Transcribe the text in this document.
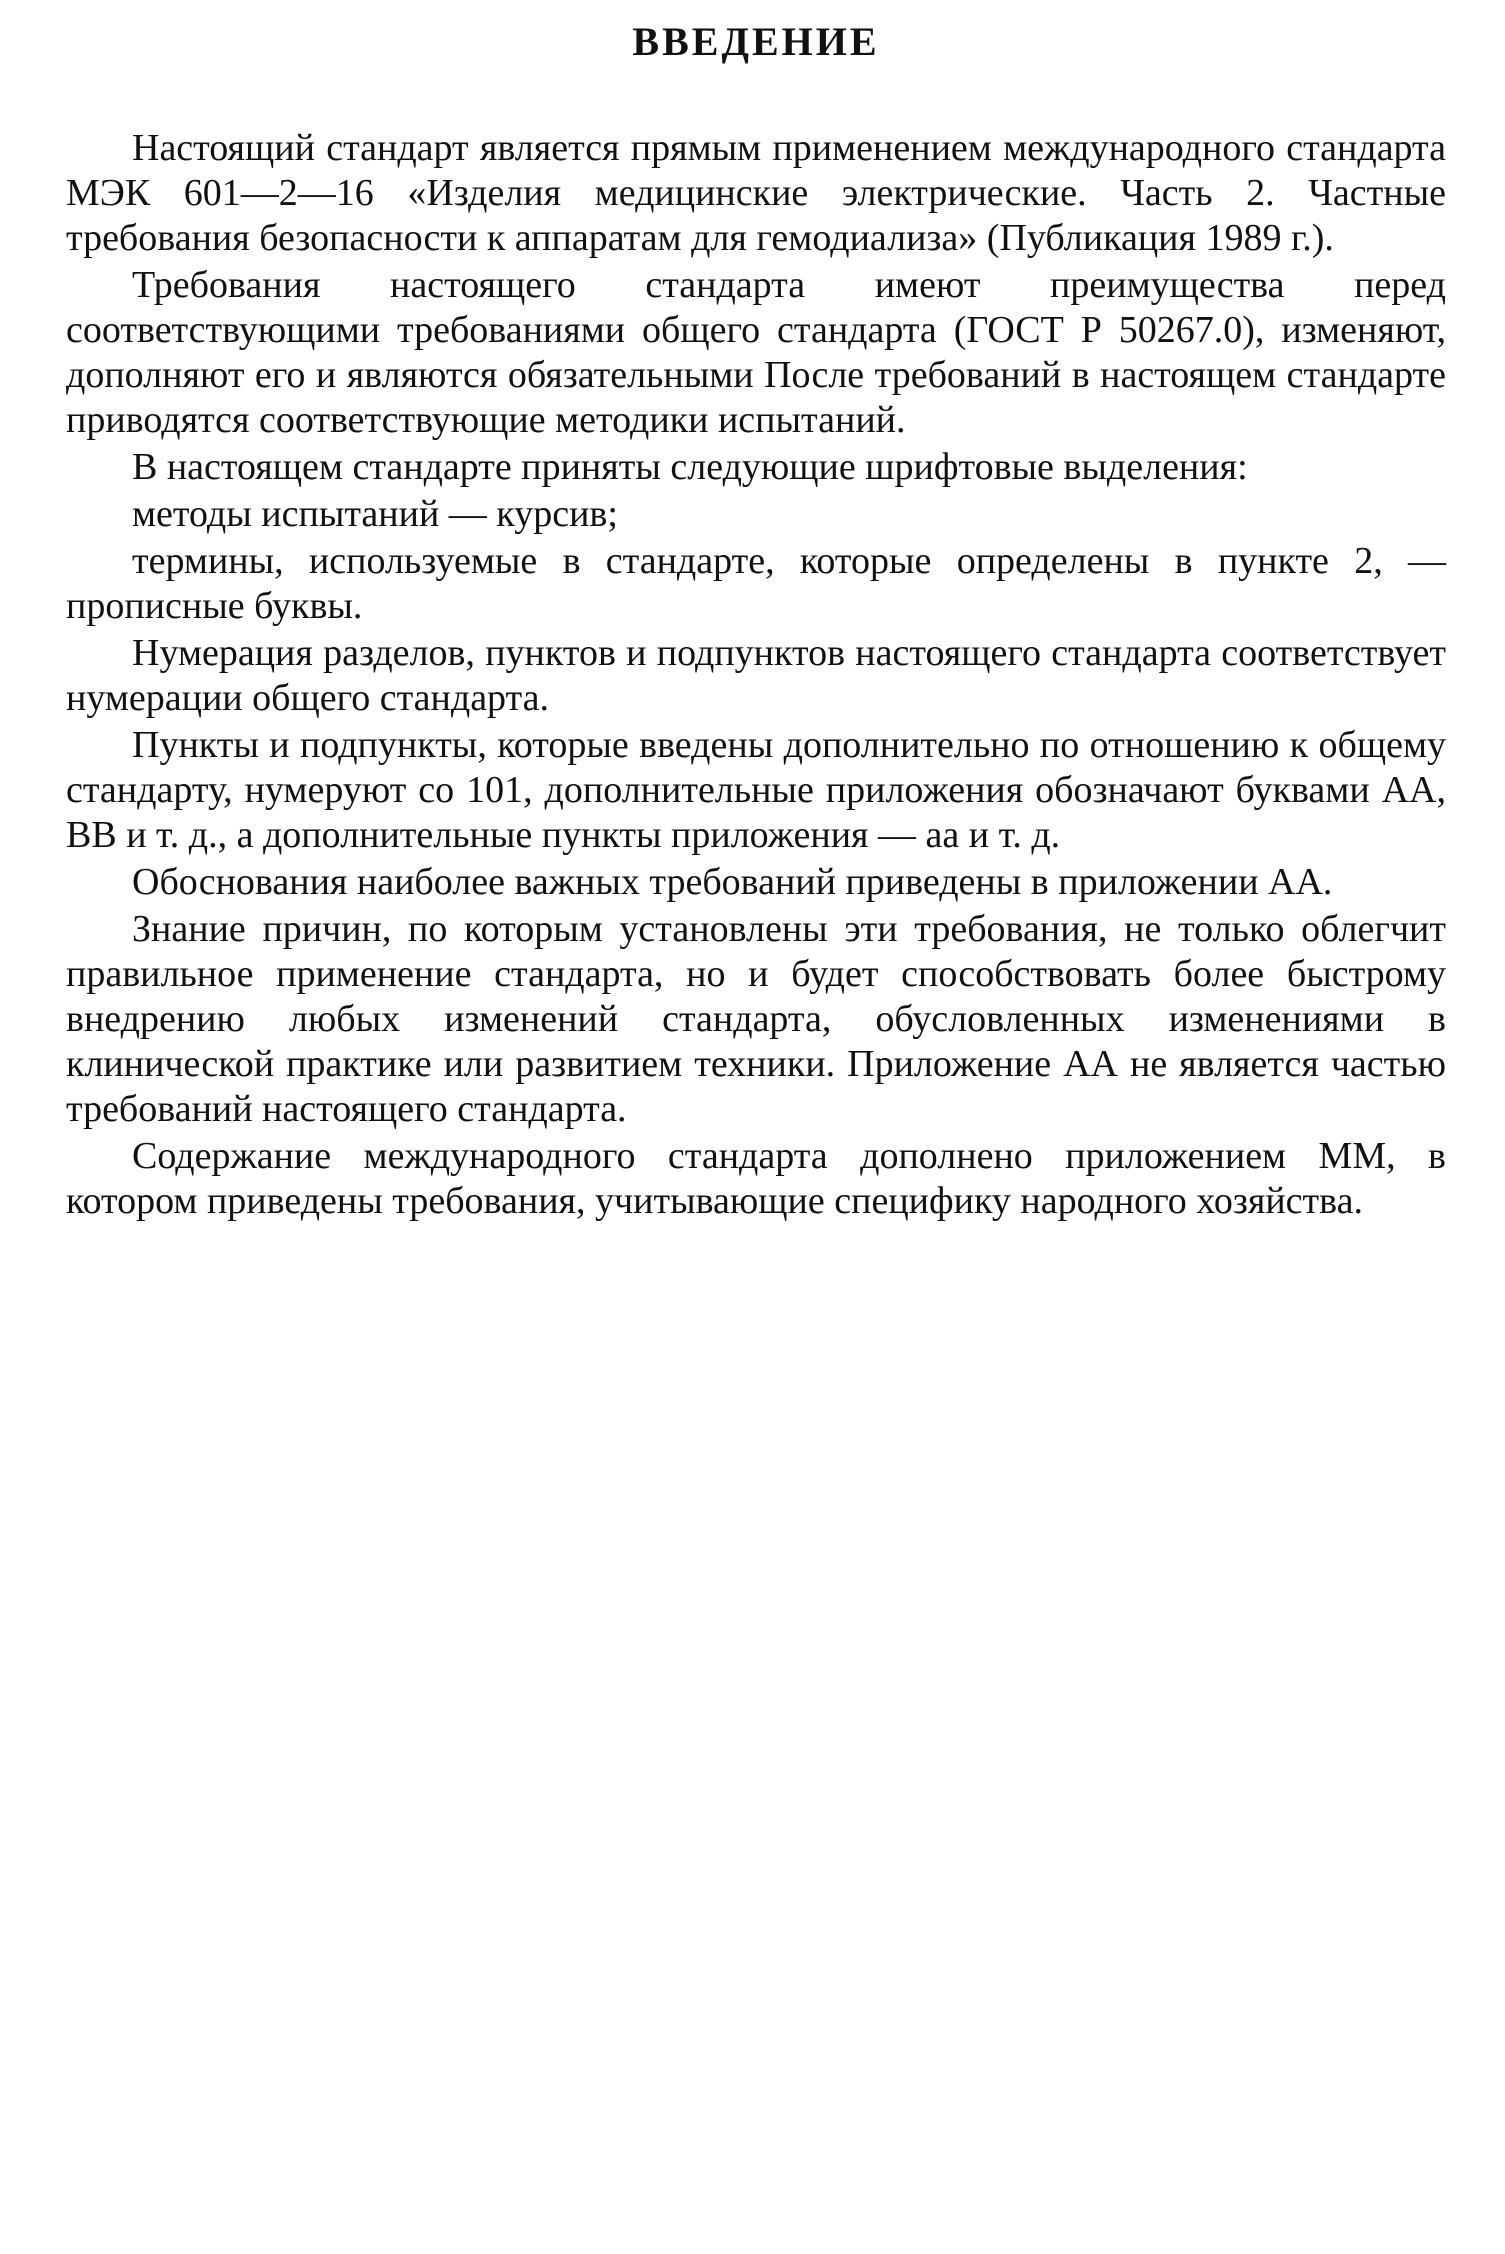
ВВЕДЕНИЕ

Настоящий стандарт является прямым применением международного стандарта МЭК 601—2—16 «Изделия медицинские электрические. Часть 2. Частные требования безопасности к аппаратам для гемодиализа» (Публикация 1989 г.).

Требования настоящего стандарта имеют преимущества перед соответствующими требованиями общего стандарта (ГОСТ Р 50267.0), изменяют, дополняют его и являются обязательными После требований в настоящем стандарте приводятся соответствующие методики испытаний.

В настоящем стандарте приняты следующие шрифтовые выделения:

методы испытаний — курсив;

термины, используемые в стандарте, которые определены в пункте 2, — прописные буквы.

Нумерация разделов, пунктов и подпунктов настоящего стандарта соответствует нумерации общего стандарта.

Пункты и подпункты, которые введены дополнительно по отношению к общему стандарту, нумеруют со 101, дополнительные приложения обозначают буквами АА, ВВ и т. д., а дополнительные пункты приложения — аа и т. д.

Обоснования наиболее важных требований приведены в приложении АА.

Знание причин, по которым установлены эти требования, не только облегчит правильное применение стандарта, но и будет способствовать более быстрому внедрению любых изменений стандарта, обусловленных изменениями в клинической практике или развитием техники. Приложение АА не является частью требований настоящего стандарта.

Содержание международного стандарта дополнено приложением ММ, в котором приведены требования, учитывающие специфику народного хозяйства.
